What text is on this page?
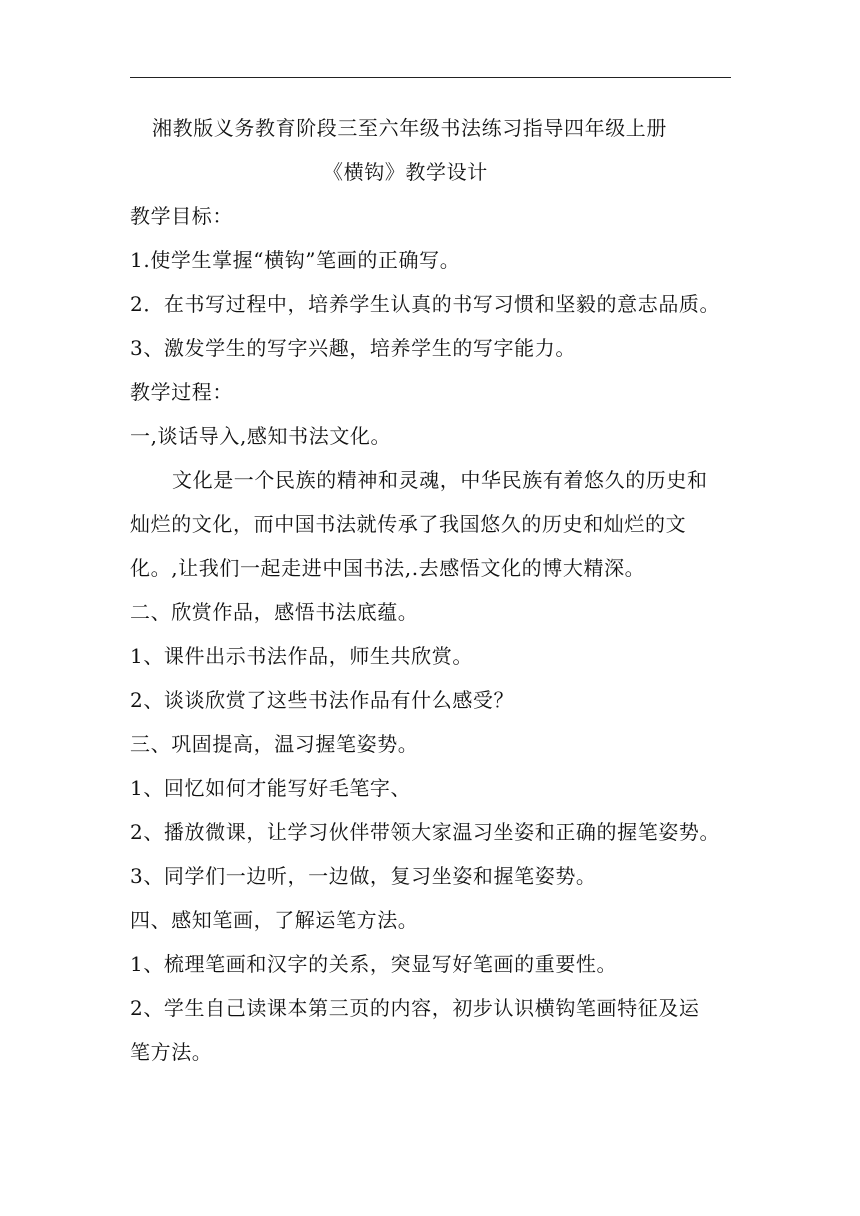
湘教版义务教育阶段三至六年级书法练习指导四年级上册
《横钩》教学设计
教学目标：
1.使学生掌握“横钩”笔画的正确写。
2．在书写过程中，培养学生认真的书写习惯和坚毅的意志品质。
3、激发学生的写字兴趣，培养学生的写字能力。
教学过程：
一,谈话导入,感知书法文化。
文化是一个民族的精神和灵魂，中华民族有着悠久的历史和
灿烂的文化，而中国书法就传承了我国悠久的历史和灿烂的文
化。,让我们一起走进中国书法,.去感悟文化的博大精深。
二、欣赏作品，感悟书法底蕴。
1、课件出示书法作品，师生共欣赏。
2、谈谈欣赏了这些书法作品有什么感受？
三、巩固提高，温习握笔姿势。
1、回忆如何才能写好毛笔字、
2、播放微课，让学习伙伴带领大家温习坐姿和正确的握笔姿势。
3、同学们一边听，一边做，复习坐姿和握笔姿势。
四、感知笔画，了解运笔方法。
1、梳理笔画和汉字的关系，突显写好笔画的重要性。
2、学生自己读课本第三页的内容，初步认识横钩笔画特征及运
笔方法。
